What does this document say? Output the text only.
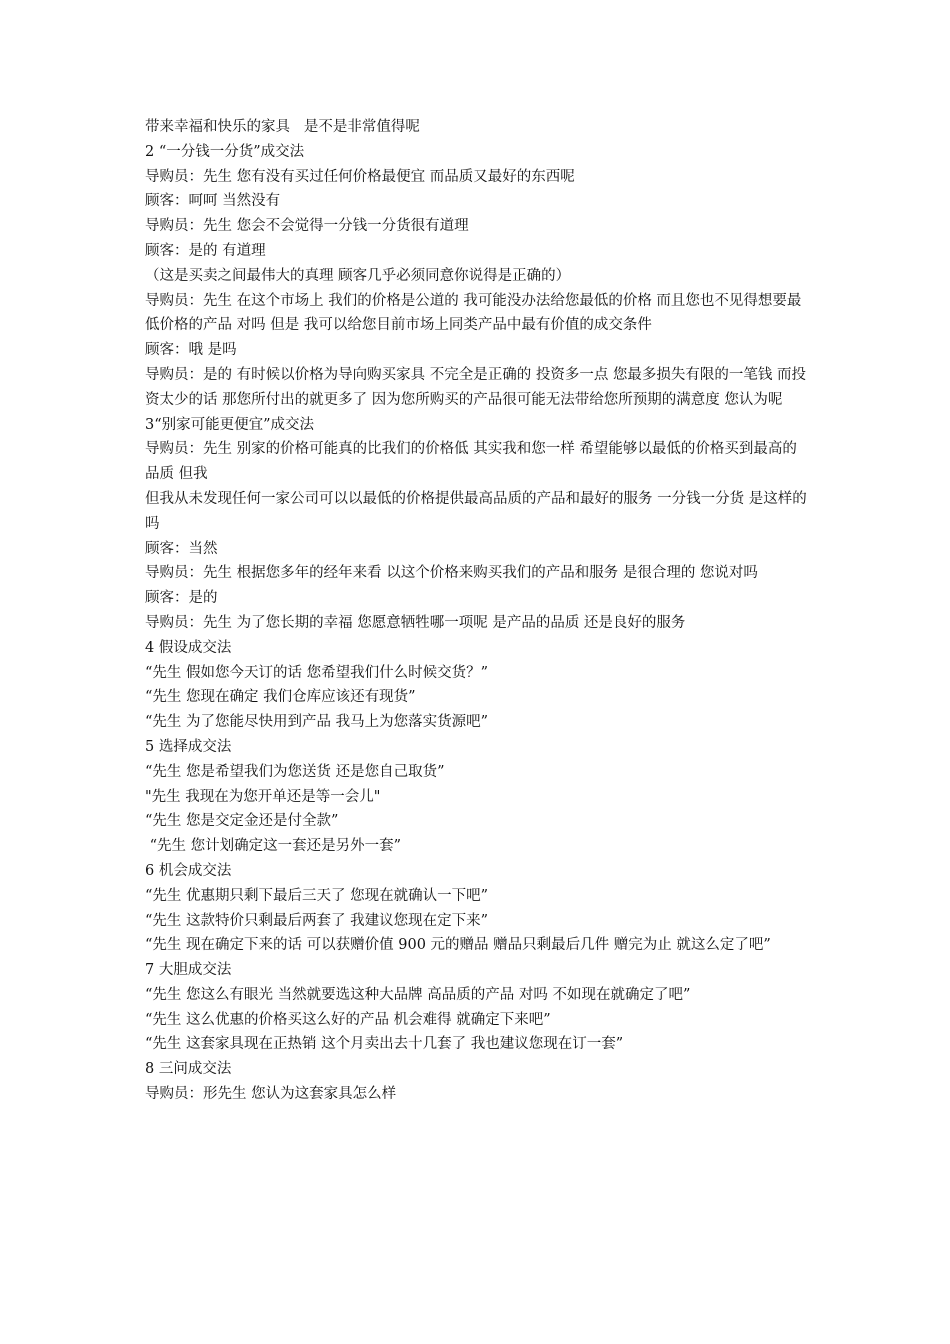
带来幸福和快乐的家具   是不是非常值得呢

2 “一分钱一分货”成交法

导购员：先生 您有没有买过任何价格最便宜 而品质又最好的东西呢

顾客：呵呵 当然没有

导购员：先生 您会不会觉得一分钱一分货很有道理

顾客：是的 有道理

（这是买卖之间最伟大的真理 顾客几乎必须同意你说得是正确的）

导购员：先生 在这个市场上 我们的价格是公道的 我可能没办法给您最低的价格 而且您也不见得想要最低价格的产品 对吗 但是 我可以给您目前市场上同类产品中最有价值的成交条件

顾客：哦 是吗

导购员：是的 有时候以价格为导向购买家具 不完全是正确的 投资多一点 您最多损失有限的一笔钱 而投资太少的话 那您所付出的就更多了 因为您所购买的产品很可能无法带给您所预期的满意度 您认为呢

3“别家可能更便宜”成交法

导购员：先生 别家的价格可能真的比我们的价格低 其实我和您一样 希望能够以最低的价格买到最高的品质 但我

但我从未发现任何一家公司可以以最低的价格提供最高品质的产品和最好的服务 一分钱一分货 是这样的吗

顾客：当然

导购员：先生 根据您多年的经年来看 以这个价格来购买我们的产品和服务 是很合理的 您说对吗

顾客：是的

导购员：先生 为了您长期的幸福 您愿意牺牲哪一项呢 是产品的品质 还是良好的服务

4 假设成交法

“先生 假如您今天订的话 您希望我们什么时候交货？”

“先生 您现在确定 我们仓库应该还有现货”

“先生 为了您能尽快用到产品 我马上为您落实货源吧”

5 选择成交法

“先生 您是希望我们为您送货 还是您自己取货”

"先生 我现在为您开单还是等一会儿"

“先生 您是交定金还是付全款”

“先生 您计划确定这一套还是另外一套”

6 机会成交法

“先生 优惠期只剩下最后三天了 您现在就确认一下吧”

“先生 这款特价只剩最后两套了 我建议您现在定下来”

“先生 现在确定下来的话 可以获赠价值 900 元的赠品 赠品只剩最后几件 赠完为止 就这么定了吧”

7 大胆成交法

“先生 您这么有眼光 当然就要选这种大品牌 高品质的产品 对吗 不如现在就确定了吧”

“先生 这么优惠的价格买这么好的产品 机会难得 就确定下来吧”

“先生 这套家具现在正热销 这个月卖出去十几套了 我也建议您现在订一套”

8 三问成交法

导购员：形先生 您认为这套家具怎么样
